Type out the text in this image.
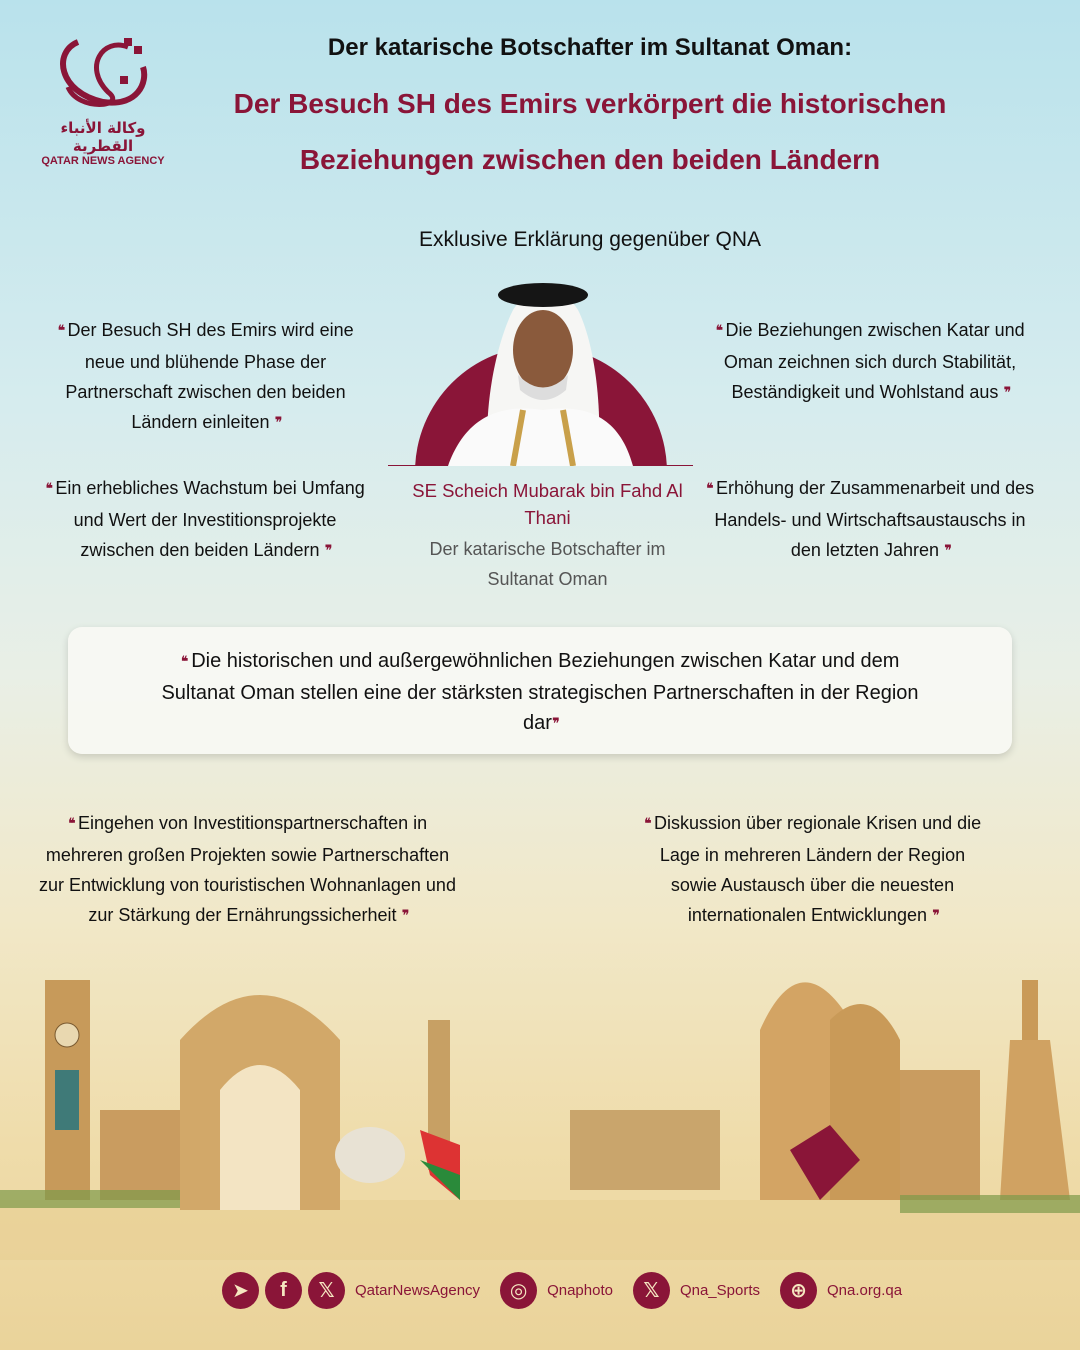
وكالة الأنباء القطرية
QATAR NEWS AGENCY
Der katarische Botschafter im Sultanat Oman:
Der Besuch SH des Emirs verkörpert die historischen
Beziehungen zwischen den beiden Ländern
Exklusive Erklärung gegenüber QNA
SE Scheich Mubarak bin Fahd Al Thani
Der katarische Botschafter im Sultanat Oman
❛❛ Der Besuch SH des Emirs wird eine neue und blühende Phase der Partnerschaft zwischen den beiden Ländern einleiten ❜❜
❛❛ Die Beziehungen zwischen Katar und Oman zeichnen sich durch Stabilität, Beständigkeit und Wohlstand aus ❜❜
❛❛ Ein erhebliches Wachstum bei Umfang und Wert der Investitionsprojekte zwischen den beiden Ländern ❜❜
❛❛ Erhöhung der Zusammenarbeit und des Handels- und Wirtschaftsaustauschs in den letzten Jahren ❜❜
❛❛ Die historischen und außergewöhnlichen Beziehungen zwischen Katar und dem Sultanat Oman stellen eine der stärksten strategischen Partnerschaften in der Region dar❜❜
❛❛ Eingehen von Investitionspartnerschaften in mehreren großen Projekten sowie Partnerschaften zur Entwicklung von touristischen Wohnanlagen und zur Stärkung der Ernährungssicherheit ❜❜
❛❛ Diskussion über regionale Krisen und die Lage in mehreren Ländern der Region sowie Austausch über die neuesten internationalen Entwicklungen ❜❜
➤	f	𝕏	QatarNewsAgency	◎	Qnaphoto	𝕏	Qna_Sports	⊕	Qna.org.qa
